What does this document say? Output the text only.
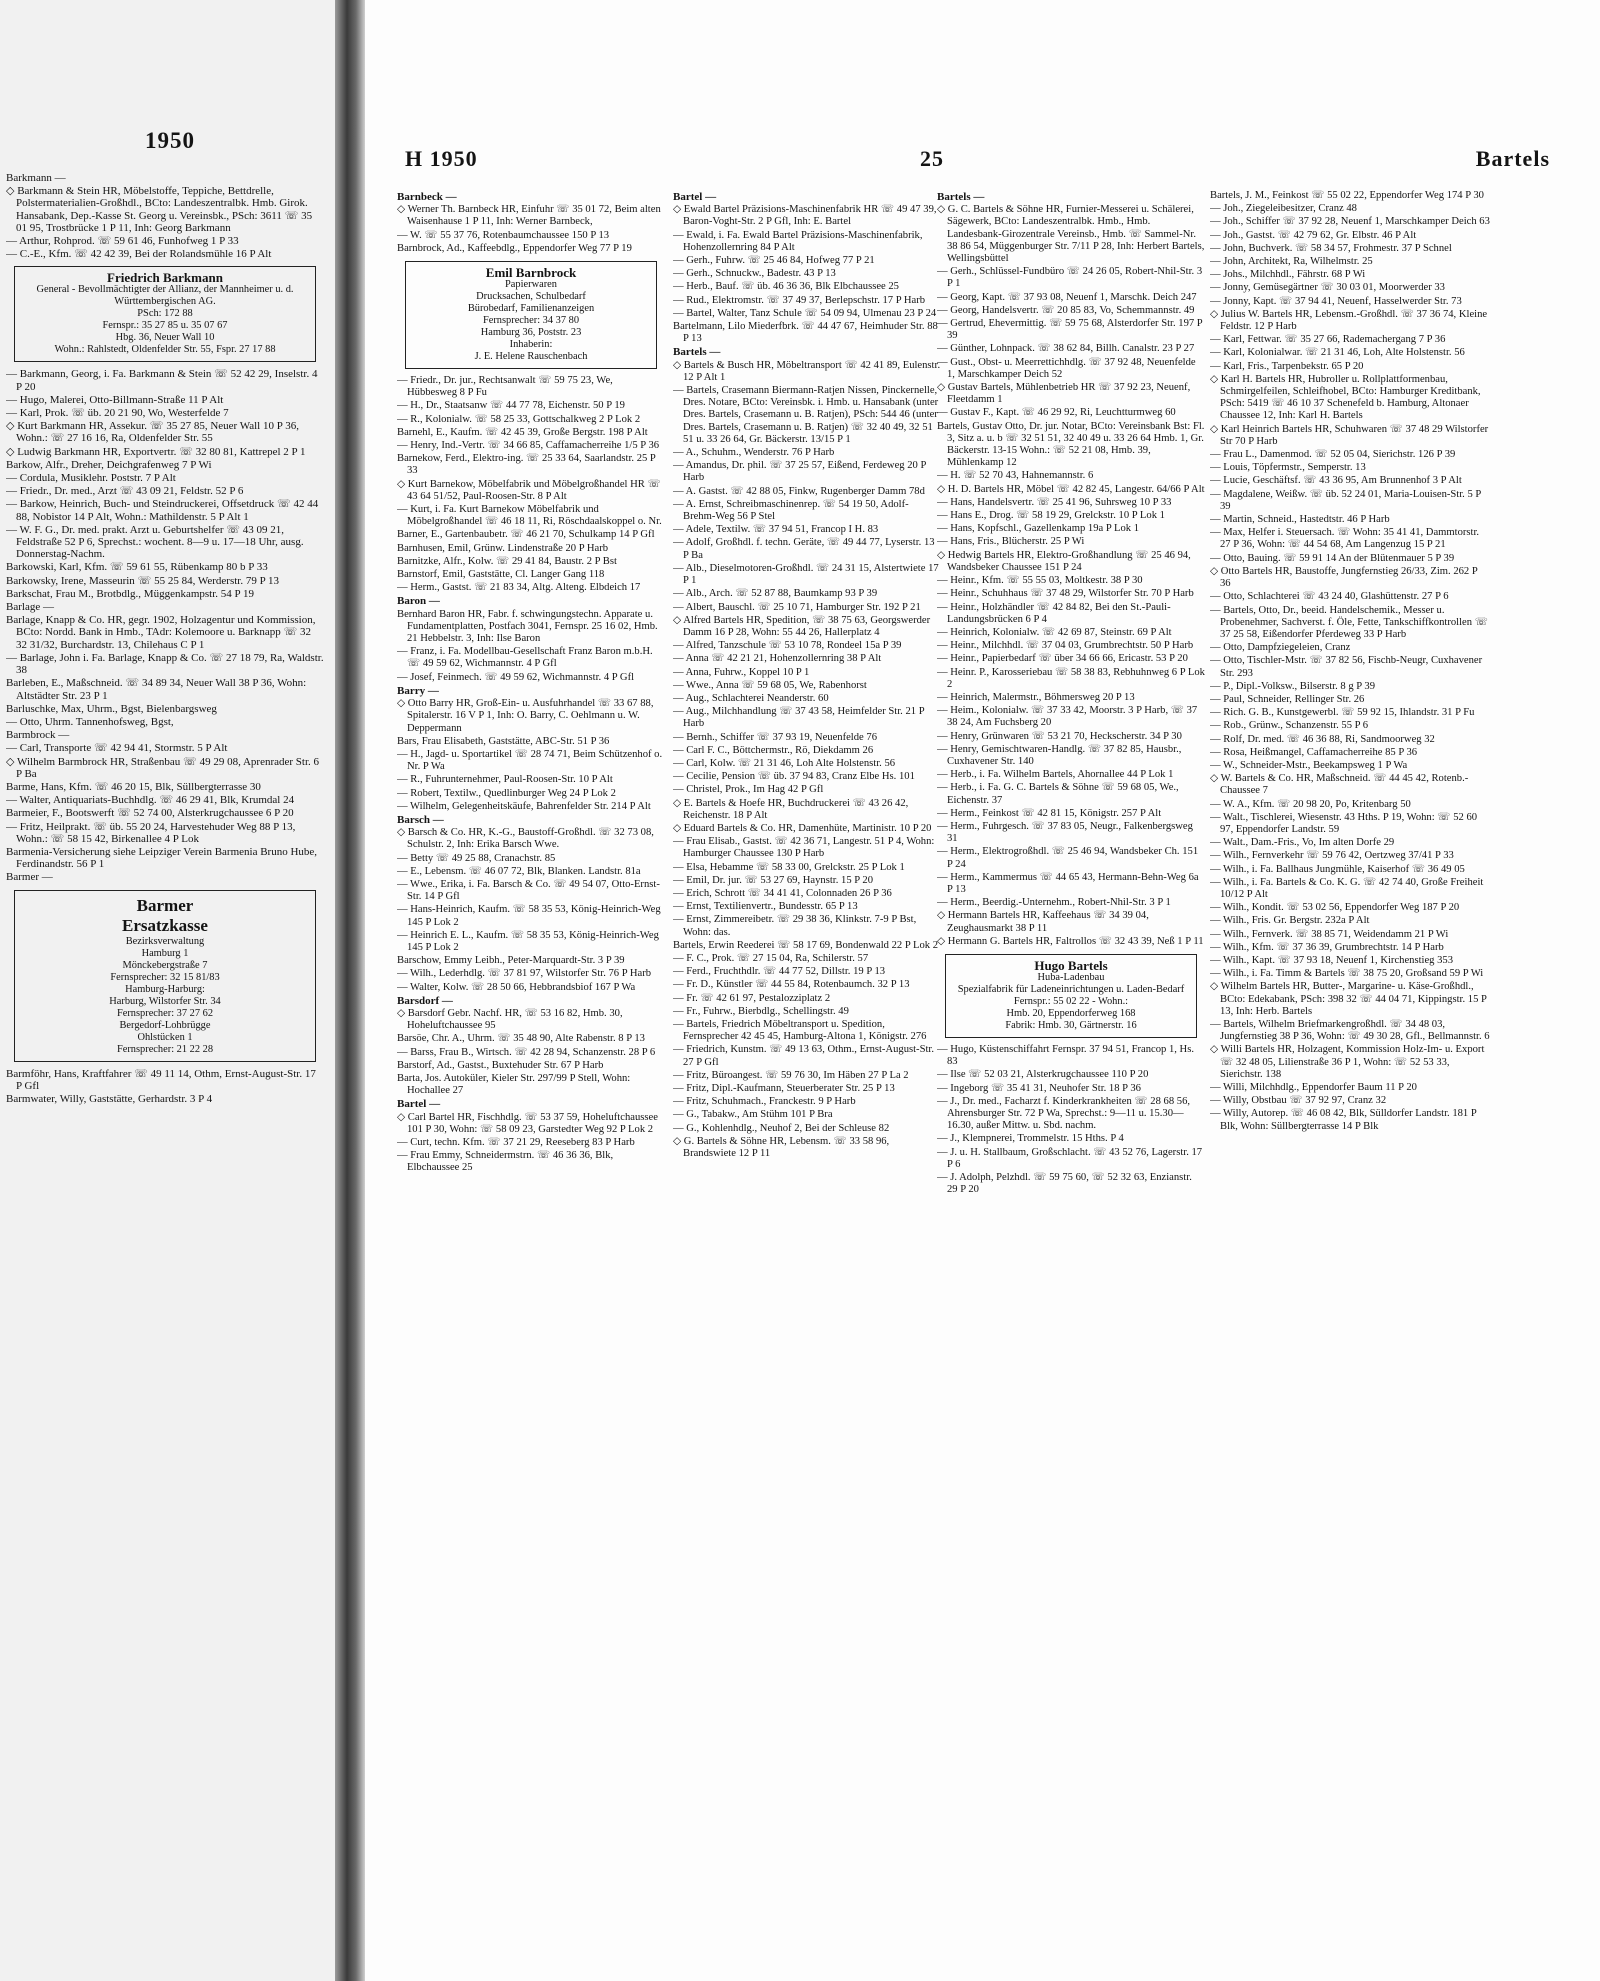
1950
Barkmann —
◇ Barkmann & Stein HR, Möbelstoffe, Teppiche, Bettdrelle, Polstermaterialien-Großhdl., BCto: Landeszentralbk. Hmb. Girok. Hansabank, Dep.-Kasse St. Georg u. Vereinsbk., PSch: 3611 ☏ 35 01 95, Trostbrücke 1 P 11, Inh: Georg Barkmann
— Arthur, Rohprod. ☏ 59 61 46, Funhofweg 1 P 33
— C.-E., Kfm. ☏ 42 42 39, Bei der Rolandsmühle 16 P Alt
Friedrich Barkmann
General - Bevollmächtigter der Allianz, der Mannheimer u. d. Württembergischen AG.
PSch: 172 88
Fernspr.: 35 27 85 u. 35 07 67
Hbg. 36, Neuer Wall 10
Wohn.: Rahlstedt, Oldenfelder Str. 55, Fspr. 27 17 88
— Barkmann, Georg, i. Fa. Barkmann & Stein ☏ 52 42 29, Inselstr. 4 P 20
— Hugo, Malerei, Otto-Billmann-Straße 11 P Alt
— Karl, Prok. ☏ üb. 20 21 90, Wo, Westerfelde 7
◇ Kurt Barkmann HR, Assekur. ☏ 35 27 85, Neuer Wall 10 P 36, Wohn.: ☏ 27 16 16, Ra, Oldenfelder Str. 55
◇ Ludwig Barkmann HR, Exportvertr. ☏ 32 80 81, Kattrepel 2 P 1
Barkow, Alfr., Dreher, Deichgrafenweg 7 P Wi
— Cordula, Musiklehr. Poststr. 7 P Alt
— Friedr., Dr. med., Arzt ☏ 43 09 21, Feldstr. 52 P 6
— Barkow, Heinrich, Buch- und Steindruckerei, Offsetdruck ☏ 42 44 88, Nobistor 14 P Alt, Wohn.: Mathildenstr. 5 P Alt 1
— W. F. G., Dr. med. prakt. Arzt u. Geburtshelfer ☏ 43 09 21, Feldstraße 52 P 6, Sprechst.: wochent. 8—9 u. 17—18 Uhr, ausg. Donnerstag-Nachm.
Barkowski, Karl, Kfm. ☏ 59 61 55, Rübenkamp 80 b P 33
Barkowsky, Irene, Masseurin ☏ 55 25 84, Werderstr. 79 P 13
Barkschat, Frau M., Brotbdlg., Müggenkampstr. 54 P 19
Barlage —
Barlage, Knapp & Co. HR, gegr. 1902, Holzagentur und Kommission, BCto: Nordd. Bank in Hmb., TAdr: Kolemoore u. Barknapp ☏ 32 32 31/32, Burchardstr. 13, Chilehaus C P 1
— Barlage, John i. Fa. Barlage, Knapp & Co. ☏ 27 18 79, Ra, Waldstr. 38
Barleben, E., Maßschneid. ☏ 34 89 34, Neuer Wall 38 P 36, Wohn: Altstädter Str. 23 P 1
Barluschke, Max, Uhrm., Bgst, Bielenbargsweg
— Otto, Uhrm. Tannenhofsweg, Bgst,
Barmbrock —
— Carl, Transporte ☏ 42 94 41, Stormstr. 5 P Alt
◇ Wilhelm Barmbrock HR, Straßenbau ☏ 49 29 08, Aprenrader Str. 6 P Ba
Barme, Hans, Kfm. ☏ 46 20 15, Blk, Süllbergterrasse 30
— Walter, Antiquariats-Buchhdlg. ☏ 46 29 41, Blk, Krumdal 24
Barmeier, F., Bootswerft ☏ 52 74 00, Alsterkrugchaussee 6 P 20
— Fritz, Heilprakt. ☏ üb. 55 20 24, Harvestehuder Weg 88 P 13, Wohn.: ☏ 58 15 42, Birkenallee 4 P Lok
Barmenia-Versicherung siehe Leipziger Verein Barmenia Bruno Hube, Ferdinandstr. 56 P 1
Barmer —
Barmer
Ersatzkasse
Bezirksverwaltung
Hamburg 1
Mönckebergstraße 7
Fernsprecher: 32 15 81/83
Hamburg-Harburg:
Harburg, Wilstorfer Str. 34
Fernsprecher: 37 27 62
Bergedorf-Lohbrügge
Ohlstücken 1
Fernsprecher: 21 22 28
Barmföhr, Hans, Kraftfahrer ☏ 49 11 14, Othm, Ernst-August-Str. 17 P Gfl
Barmwater, Willy, Gaststätte, Gerhardstr. 3 P 4
H 1950	25	Bartels
Barnbeck —
◇ Werner Th. Barnbeck HR, Einfuhr ☏ 35 01 72, Beim alten Waisenhause 1 P 11, Inh: Werner Barnbeck,
— W. ☏ 55 37 76, Rotenbaumchaussee 150 P 13
Barnbrock, Ad., Kaffeebdlg., Eppendorfer Weg 77 P 19
Emil Barnbrock
Papierwaren
Drucksachen, Schulbedarf
Bürobedarf, Familienanzeigen
Fernsprecher: 34 37 80
Hamburg 36, Poststr. 23
Inhaberin:
J. E. Helene Rauschenbach
— Friedr., Dr. jur., Rechtsanwalt ☏ 59 75 23, We, Hübbesweg 8 P Fu
— H., Dr., Staatsanw ☏ 44 77 78, Eichenstr. 50 P 19
— R., Kolonialw. ☏ 58 25 33, Gottschalkweg 2 P Lok 2
Barnehl, E., Kaufm. ☏ 42 45 39, Große Bergstr. 198 P Alt
— Henry, Ind.-Vertr. ☏ 34 66 85, Caffamacherreihe 1/5 P 36
Barnekow, Ferd., Elektro-ing. ☏ 25 33 64, Saarlandstr. 25 P 33
◇ Kurt Barnekow, Möbelfabrik und Möbelgroßhandel HR ☏ 43 64 51/52, Paul-Roosen-Str. 8 P Alt
— Kurt, i. Fa. Kurt Barnekow Möbelfabrik und Möbelgroßhandel ☏ 46 18 11, Ri, Röschdaalskoppel o. Nr.
Barner, E., Gartenbaubetr. ☏ 46 21 70, Schulkamp 14 P Gfl
Barnhusen, Emil, Grünw. Lindenstraße 20 P Harb
Barnitzke, Alfr., Kolw. ☏ 29 41 84, Baustr. 2 P Bst
Barnstorf, Emil, Gaststätte, Cl. Langer Gang 118
— Herm., Gastst. ☏ 21 83 34, Altg. Alteng. Elbdeich 17
Baron —
Bernhard Baron HR, Fabr. f. schwingungstechn. Apparate u. Fundamentplatten, Postfach 3041, Fernspr. 25 16 02, Hmb. 21 Hebbelstr. 3, Inh: Ilse Baron
— Franz, i. Fa. Modellbau-Gesellschaft Franz Baron m.b.H. ☏ 49 59 62, Wichmannstr. 4 P Gfl
— Josef, Feinmech. ☏ 49 59 62, Wichmannstr. 4 P Gfl
Barry —
◇ Otto Barry HR, Groß-Ein- u. Ausfuhrhandel ☏ 33 67 88, Spitalerstr. 16 V P 1, Inh: O. Barry, C. Oehlmann u. W. Deppermann
Bars, Frau Elisabeth, Gaststätte, ABC-Str. 51 P 36
— H., Jagd- u. Sportartikel ☏ 28 74 71, Beim Schützenhof o. Nr. P Wa
— R., Fuhrunternehmer, Paul-Roosen-Str. 10 P Alt
— Robert, Textilw., Quedlinburger Weg 24 P Lok 2
— Wilhelm, Gelegenheitskäufe, Bahrenfelder Str. 214 P Alt
Barsch —
◇ Barsch & Co. HR, K.-G., Baustoff-Großhdl. ☏ 32 73 08, Schulstr. 2, Inh: Erika Barsch Wwe.
— Betty ☏ 49 25 88, Cranachstr. 85
— E., Lebensm. ☏ 46 07 72, Blk, Blanken. Landstr. 81a
— Wwe., Erika, i. Fa. Barsch & Co. ☏ 49 54 07, Otto-Ernst-Str. 14 P Gfl
— Hans-Heinrich, Kaufm. ☏ 58 35 53, König-Heinrich-Weg 145 P Lok 2
— Heinrich E. L., Kaufm. ☏ 58 35 53, König-Heinrich-Weg 145 P Lok 2
Barschow, Emmy Leibh., Peter-Marquardt-Str. 3 P 39
— Wilh., Lederhdlg. ☏ 37 81 97, Wilstorfer Str. 76 P Harb
— Walter, Kolw. ☏ 28 50 66, Hebbrandsbiof 167 P Wa
Barsdorf —
◇ Barsdorf Gebr. Nachf. HR, ☏ 53 16 82, Hmb. 30, Hoheluftchaussee 95
Barsöe, Chr. A., Uhrm. ☏ 35 48 90, Alte Rabenstr. 8 P 13
— Barss, Frau B., Wirtsch. ☏ 42 28 94, Schanzenstr. 28 P 6
Barstorf, Ad., Gastst., Buxtehuder Str. 67 P Harb
Barta, Jos. Autoküler, Kieler Str. 297/99 P Stell, Wohn: Hochallee 27
Bartel —
◇ Carl Bartel HR, Fischhdlg. ☏ 53 37 59, Hoheluftchaussee 101 P 30, Wohn: ☏ 58 09 23, Garstedter Weg 92 P Lok 2
— Curt, techn. Kfm. ☏ 37 21 29, Reeseberg 83 P Harb
— Frau Emmy, Schneidermstrn. ☏ 46 36 36, Blk, Elbchaussee 25
Bartel —
◇ Ewald Bartel Präzisions-Maschinenfabrik HR ☏ 49 47 39, Baron-Voght-Str. 2 P Gfl, Inh: E. Bartel
— Ewald, i. Fa. Ewald Bartel Präzisions-Maschinenfabrik, Hohenzollernring 84 P Alt
— Gerh., Fuhrw. ☏ 25 46 84, Hofweg 77 P 21
— Gerh., Schnuckw., Badestr. 43 P 13
— Herb., Bauf. ☏ üb. 46 36 36, Blk Elbchaussee 25
— Rud., Elektromstr. ☏ 37 49 37, Berlepschstr. 17 P Harb
— Bartel, Walter, Tanz Schule ☏ 54 09 94, Ulmenau 23 P 24
Bartelmann, Lilo Miederfbrk. ☏ 44 47 67, Heimhuder Str. 88 P 13
Bartels —
◇ Bartels & Busch HR, Möbeltransport ☏ 42 41 89, Eulenstr. 12 P Alt 1
— Bartels, Crasemann Biermann-Ratjen Nissen, Pinckernelle, Dres. Notare, BCto: Vereinsbk. i. Hmb. u. Hansabank (unter Dres. Bartels, Crasemann u. B. Ratjen), PSch: 544 46 (unter Dres. Bartels, Crasemann u. B. Ratjen) ☏ 32 40 49, 32 51 51 u. 33 26 64, Gr. Bäckerstr. 13/15 P 1
— A., Schuhm., Wenderstr. 76 P Harb
— Amandus, Dr. phil. ☏ 37 25 57, Eißend, Ferdeweg 20 P Harb
— A. Gastst. ☏ 42 88 05, Finkw, Rugenberger Damm 78d
— A. Ernst, Schreibmaschinenrep. ☏ 54 19 50, Adolf-Brehm-Weg 56 P Stel
— Adele, Textilw. ☏ 37 94 51, Francop I H. 83
— Adolf, Großhdl. f. techn. Geräte, ☏ 49 44 77, Lyserstr. 13 P Ba
— Alb., Dieselmotoren-Großhdl. ☏ 24 31 15, Alstertwiete 17 P 1
— Alb., Arch. ☏ 52 87 88, Baumkamp 93 P 39
— Albert, Bauschl. ☏ 25 10 71, Hamburger Str. 192 P 21
◇ Alfred Bartels HR, Spedition, ☏ 38 75 63, Georgswerder Damm 16 P 28, Wohn: 55 44 26, Hallerplatz 4
— Alfred, Tanzschule ☏ 53 10 78, Rondeel 15a P 39
— Anna ☏ 42 21 21, Hohenzollernring 38 P Alt
— Anna, Fuhrw., Koppel 10 P 1
— Wwe., Anna ☏ 59 68 05, We, Rabenhorst
— Aug., Schlachterei Neanderstr. 60
— Aug., Milchhandlung ☏ 37 43 58, Heimfelder Str. 21 P Harb
— Bernh., Schiffer ☏ 37 93 19, Neuenfelde 76
— Carl F. C., Böttchermstr., Rö, Diekdamm 26
— Carl, Kolw. ☏ 21 31 46, Loh Alte Holstenstr. 56
— Cecilie, Pension ☏ üb. 37 94 83, Cranz Elbe Hs. 101
— Christel, Prok., Im Hag 42 P Gfl
◇ E. Bartels & Hoefe HR, Buchdruckerei ☏ 43 26 42, Reichenstr. 18 P Alt
◇ Eduard Bartels & Co. HR, Damenhüte, Martinistr. 10 P 20
— Frau Elisab., Gastst. ☏ 42 36 71, Langestr. 51 P 4, Wohn: Hamburger Chaussee 130 P Harb
— Elsa, Hebamme ☏ 58 33 00, Grelckstr. 25 P Lok 1
— Emil, Dr. jur. ☏ 53 27 69, Haynstr. 15 P 20
— Erich, Schrott ☏ 34 41 41, Colonnaden 26 P 36
— Ernst, Textilienvertr., Bundesstr. 65 P 13
— Ernst, Zimmereibetr. ☏ 29 38 36, Klinkstr. 7-9 P Bst, Wohn: das.
Bartels, Erwin Reederei ☏ 58 17 69, Bondenwald 22 P Lok 2
— F. C., Prok. ☏ 27 15 04, Ra, Schilerstr. 57
— Ferd., Fruchthdlr. ☏ 44 77 52, Dillstr. 19 P 13
— Fr. D., Künstler ☏ 44 55 84, Rotenbaumch. 32 P 13
— Fr. ☏ 42 61 97, Pestalozziplatz 2
— Fr., Fuhrw., Bierbdlg., Schellingstr. 49
— Bartels, Friedrich Möbeltransport u. Spedition, Fernsprecher 42 45 45, Hamburg-Altona 1, Königstr. 276
— Friedrich, Kunstm. ☏ 49 13 63, Othm., Ernst-August-Str. 27 P Gfl
— Fritz, Büroangest. ☏ 59 76 30, Im Häben 27 P La 2
— Fritz, Dipl.-Kaufmann, Steuerberater Str. 25 P 13
— Fritz, Schuhmach., Franckestr. 9 P Harb
— G., Tabakw., Am Stühm 101 P Bra
— G., Kohlenhdlg., Neuhof 2, Bei der Schleuse 82
◇ G. Bartels & Söhne HR, Lebensm. ☏ 33 58 96, Brandswiete 12 P 11
Bartels —
◇ G. C. Bartels & Söhne HR, Furnier-Messerei u. Schälerei, Sägewerk, BCto: Landeszentralbk. Hmb., Hmb. Landesbank-Girozentrale Vereinsb., Hmb. ☏ Sammel-Nr. 38 86 54, Müggenburger Str. 7/11 P 28, Inh: Herbert Bartels, Wellingsbüttel
— Gerh., Schlüssel-Fundbüro ☏ 24 26 05, Robert-Nhil-Str. 3 P 1
— Georg, Kapt. ☏ 37 93 08, Neuenf 1, Marschk. Deich 247
— Georg, Handelsvertr. ☏ 20 85 83, Vo, Schemmannstr. 49
— Gertrud, Ehevermittig. ☏ 59 75 68, Alsterdorfer Str. 197 P 39
— Günther, Lohnpack. ☏ 38 62 84, Billh. Canalstr. 23 P 27
— Gust., Obst- u. Meerrettichhdlg. ☏ 37 92 48, Neuenfelde 1, Marschkamper Deich 52
◇ Gustav Bartels, Mühlenbetrieb HR ☏ 37 92 23, Neuenf, Fleetdamm 1
— Gustav F., Kapt. ☏ 46 29 92, Ri, Leuchtturmweg 60
Bartels, Gustav Otto, Dr. jur. Notar, BCto: Vereinsbank Bst: Fl. 3, Sitz a. u. b ☏ 32 51 51, 32 40 49 u. 33 26 64 Hmb. 1, Gr. Bäckerstr. 13-15 Wohn.: ☏ 52 21 08, Hmb. 39, Mühlenkamp 12
— H. ☏ 52 70 43, Hahnemannstr. 6
◇ H. D. Bartels HR, Möbel ☏ 42 82 45, Langestr. 64/66 P Alt
— Hans, Handelsvertr. ☏ 25 41 96, Suhrsweg 10 P 33
— Hans E., Drog. ☏ 58 19 29, Grelckstr. 10 P Lok 1
— Hans, Kopfschl., Gazellenkamp 19a P Lok 1
— Hans, Fris., Blücherstr. 25 P Wi
◇ Hedwig Bartels HR, Elektro-Großhandlung ☏ 25 46 94, Wandsbeker Chaussee 151 P 24
— Heinr., Kfm. ☏ 55 55 03, Moltkestr. 38 P 30
— Heinr., Schuhhaus ☏ 37 48 29, Wilstorfer Str. 70 P Harb
— Heinr., Holzhändler ☏ 42 84 82, Bei den St.-Pauli-Landungsbrücken 6 P 4
— Heinrich, Kolonialw. ☏ 42 69 87, Steinstr. 69 P Alt
— Heinr., Milchhdl. ☏ 37 04 03, Grumbrechtstr. 50 P Harb
— Heinr., Papierbedarf ☏ über 34 66 66, Ericastr. 53 P 20
— Heinr. P., Karosseriebau ☏ 58 38 83, Rebhuhnweg 6 P Lok 2
— Heinrich, Malermstr., Böhmersweg 20 P 13
— Heim., Kolonialw. ☏ 37 33 42, Moorstr. 3 P Harb, ☏ 37 38 24, Am Fuchsberg 20
— Henry, Grünwaren ☏ 53 21 70, Heckscherstr. 34 P 30
— Henry, Gemischtwaren-Handlg. ☏ 37 82 85, Hausbr., Cuxhavener Str. 140
— Herb., i. Fa. Wilhelm Bartels, Ahornallee 44 P Lok 1
— Herb., i. Fa. G. C. Bartels & Söhne ☏ 59 68 05, We., Eichenstr. 37
— Herm., Feinkost ☏ 42 81 15, Königstr. 257 P Alt
— Herm., Fuhrgesch. ☏ 37 83 05, Neugr., Falkenbergsweg 31
— Herm., Elektrogroßhdl. ☏ 25 46 94, Wandsbeker Ch. 151 P 24
— Herm., Kammermus ☏ 44 65 43, Hermann-Behn-Weg 6a P 13
— Herm., Beerdig.-Unternehm., Robert-Nhil-Str. 3 P 1
◇ Hermann Bartels HR, Kaffeehaus ☏ 34 39 04, Zeughausmarkt 38 P 11
◇ Hermann G. Bartels HR, Faltrollos ☏ 32 43 39, Neß 1 P 11
Hugo Bartels
Huba-Ladenbau
Spezialfabrik für Ladeneinrichtungen u. Laden-Bedarf
Fernspr.: 55 02 22 - Wohn.:
Hmb. 20, Eppendorferweg 168
Fabrik: Hmb. 30, Gärtnerstr. 16
— Hugo, Küstenschiffahrt Fernspr. 37 94 51, Francop 1, Hs. 83
— Ilse ☏ 52 03 21, Alsterkrugchaussee 110 P 20
— Ingeborg ☏ 35 41 31, Neuhofer Str. 18 P 36
— J., Dr. med., Facharzt f. Kinderkrankheiten ☏ 28 68 56, Ahrensburger Str. 72 P Wa, Sprechst.: 9—11 u. 15.30—16.30, außer Mittw. u. Sbd. nachm.
— J., Klempnerei, Trommelstr. 15 Hths. P 4
— J. u. H. Stallbaum, Großschlacht. ☏ 43 52 76, Lagerstr. 17 P 6
— J. Adolph, Pelzhdl. ☏ 59 75 60, ☏ 52 32 63, Enzianstr. 29 P 20
Bartels, J. M., Feinkost ☏ 55 02 22, Eppendorfer Weg 174 P 30
— Joh., Ziegeleibesitzer, Cranz 48
— Joh., Schiffer ☏ 37 92 28, Neuenf 1, Marschkamper Deich 63
— Joh., Gastst. ☏ 42 79 62, Gr. Elbstr. 46 P Alt
— John, Buchverk. ☏ 58 34 57, Frohmestr. 37 P Schnel
— John, Architekt, Ra, Wilhelmstr. 25
— Johs., Milchhdl., Fährstr. 68 P Wi
— Jonny, Gemüsegärtner ☏ 30 03 01, Moorwerder 33
— Jonny, Kapt. ☏ 37 94 41, Neuenf, Hasselwerder Str. 73
◇ Julius W. Bartels HR, Lebensm.-Großhdl. ☏ 37 36 74, Kleine Feldstr. 12 P Harb
— Karl, Fettwar. ☏ 35 27 66, Rademachergang 7 P 36
— Karl, Kolonialwar. ☏ 21 31 46, Loh, Alte Holstenstr. 56
— Karl, Fris., Tarpenbekstr. 65 P 20
◇ Karl H. Bartels HR, Hubroller u. Rollplattformenbau, Schmirgelfeilen, Schleifhobel, BCto: Hamburger Kreditbank, PSch: 5419 ☏ 46 10 37 Schenefeld b. Hamburg, Altonaer Chaussee 12, Inh: Karl H. Bartels
◇ Karl Heinrich Bartels HR, Schuhwaren ☏ 37 48 29 Wilstorfer Str 70 P Harb
— Frau L., Damenmod. ☏ 52 05 04, Sierichstr. 126 P 39
— Louis, Töpfermstr., Semperstr. 13
— Lucie, Geschäftsf. ☏ 43 36 95, Am Brunnenhof 3 P Alt
— Magdalene, Weißw. ☏ üb. 52 24 01, Maria-Louisen-Str. 5 P 39
— Martin, Schneid., Hastedtstr. 46 P Harb
— Max, Helfer i. Steuersach. ☏ Wohn: 35 41 41, Dammtorstr. 27 P 36, Wohn: ☏ 44 54 68, Am Langenzug 15 P 21
— Otto, Bauing. ☏ 59 91 14 An der Blütenmauer 5 P 39
◇ Otto Bartels HR, Baustoffe, Jungfernstieg 26/33, Zim. 262 P 36
— Otto, Schlachterei ☏ 43 24 40, Glashüttenstr. 27 P 6
— Bartels, Otto, Dr., beeid. Handelschemik., Messer u. Probenehmer, Sachverst. f. Öle, Fette, Tankschiffkontrollen ☏ 37 25 58, Eißendorfer Pferdeweg 33 P Harb
— Otto, Dampfziegeleien, Cranz
— Otto, Tischler-Mstr. ☏ 37 82 56, Fischb-Neugr, Cuxhavener Str. 293
— P., Dipl.-Volksw., Bilserstr. 8 g P 39
— Paul, Schneider, Rellinger Str. 26
— Rich. G. B., Kunstgewerbl. ☏ 59 92 15, Ihlandstr. 31 P Fu
— Rob., Grünw., Schanzenstr. 55 P 6
— Rolf, Dr. med. ☏ 46 36 88, Ri, Sandmoorweg 32
— Rosa, Heißmangel, Caffamacherreihe 85 P 36
— W., Schneider-Mstr., Beekampsweg 1 P Wa
◇ W. Bartels & Co. HR, Maßschneid. ☏ 44 45 42, Rotenb.-Chaussee 7
— W. A., Kfm. ☏ 20 98 20, Po, Kritenbarg 50
— Walt., Tischlerei, Wiesenstr. 43 Hths. P 19, Wohn: ☏ 52 60 97, Eppendorfer Landstr. 59
— Walt., Dam.-Fris., Vo, Im alten Dorfe 29
— Wilh., Fernverkehr ☏ 59 76 42, Oertzweg 37/41 P 33
— Wilh., i. Fa. Ballhaus Jungmühle, Kaiserhof ☏ 36 49 05
— Wilh., i. Fa. Bartels & Co. K. G. ☏ 42 74 40, Große Freiheit 10/12 P Alt
— Wilh., Kondit. ☏ 53 02 56, Eppendorfer Weg 187 P 20
— Wilh., Fris. Gr. Bergstr. 232a P Alt
— Wilh., Fernverk. ☏ 38 85 71, Weidendamm 21 P Wi
— Wilh., Kfm. ☏ 37 36 39, Grumbrechtstr. 14 P Harb
— Wilh., Kapt. ☏ 37 93 18, Neuenf 1, Kirchenstieg 353
— Wilh., i. Fa. Timm & Bartels ☏ 38 75 20, Großsand 59 P Wi
◇ Wilhelm Bartels HR, Butter-, Margarine- u. Käse-Großhdl., BCto: Edekabank, PSch: 398 32 ☏ 44 04 71, Kippingstr. 15 P 13, Inh: Herb. Bartels
— Bartels, Wilhelm Briefmarkengroßhdl. ☏ 34 48 03, Jungfernstieg 38 P 36, Wohn: ☏ 49 30 28, Gfl., Bellmannstr. 6
◇ Willi Bartels HR, Holzagent, Kommission Holz-Im- u. Export ☏ 32 48 05, Lilienstraße 36 P 1, Wohn: ☏ 52 53 33, Sierichstr. 138
— Willi, Milchhdlg., Eppendorfer Baum 11 P 20
— Willy, Obstbau ☏ 37 92 97, Cranz 32
— Willy, Autorep. ☏ 46 08 42, Blk, Sülldorfer Landstr. 181 P Blk, Wohn: Süllbergterrasse 14 P Blk
